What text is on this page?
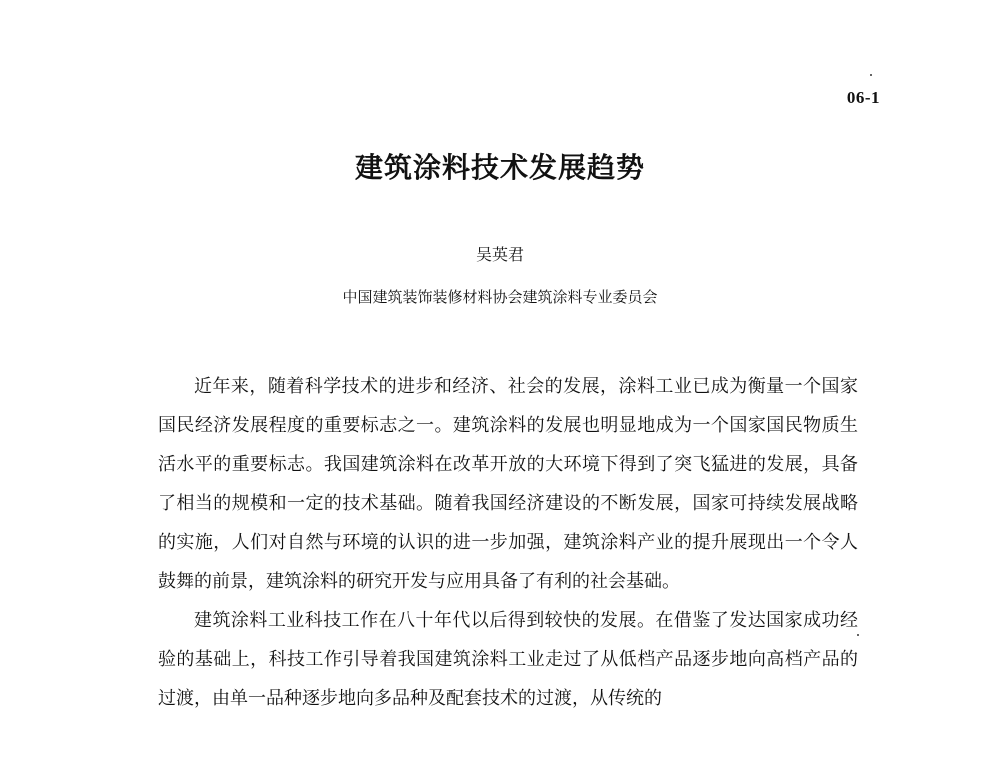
06-1
建筑涂料技术发展趋势
吴英君
中国建筑装饰装修材料协会建筑涂料专业委员会

近年来，随着科学技术的进步和经济、社会的发展，涂料工业已成为衡量一个国家国民经济发展程度的重要标志之一。建筑涂料的发展也明显地成为一个国家国民物质生活水平的重要标志。我国建筑涂料在改革开放的大环境下得到了突飞猛进的发展，具备了相当的规模和一定的技术基础。随着我国经济建设的不断发展，国家可持续发展战略的实施，人们对自然与环境的认识的进一步加强，建筑涂料产业的提升展现出一个令人鼓舞的前景，建筑涂料的研究开发与应用具备了有利的社会基础。

建筑涂料工业科技工作在八十年代以后得到较快的发展。在借鉴了发达国家成功经验的基础上，科技工作引导着我国建筑涂料工业走过了从低档产品逐步地向高档产品的过渡，由单一品种逐步地向多品种及配套技术的过渡，从传统的
